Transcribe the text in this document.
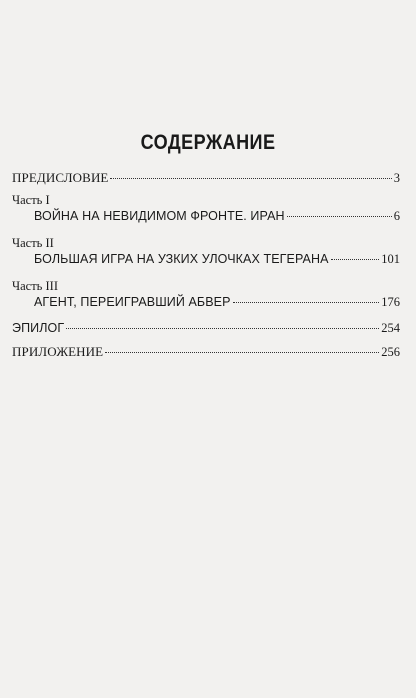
СОДЕРЖАНИЕ
ПРЕДИСЛОВИЕ	3
Часть I
ВОЙНА НА НЕВИДИМОМ ФРОНТЕ. ИРАН	6
Часть II
БОЛЬШАЯ ИГРА НА УЗКИХ УЛОЧКАХ ТЕГЕРАНА	101
Часть III
АГЕНТ, ПЕРЕИГРАВШИЙ АБВЕР	176
ЭПИЛОГ	254
ПРИЛОЖЕНИЕ	256
